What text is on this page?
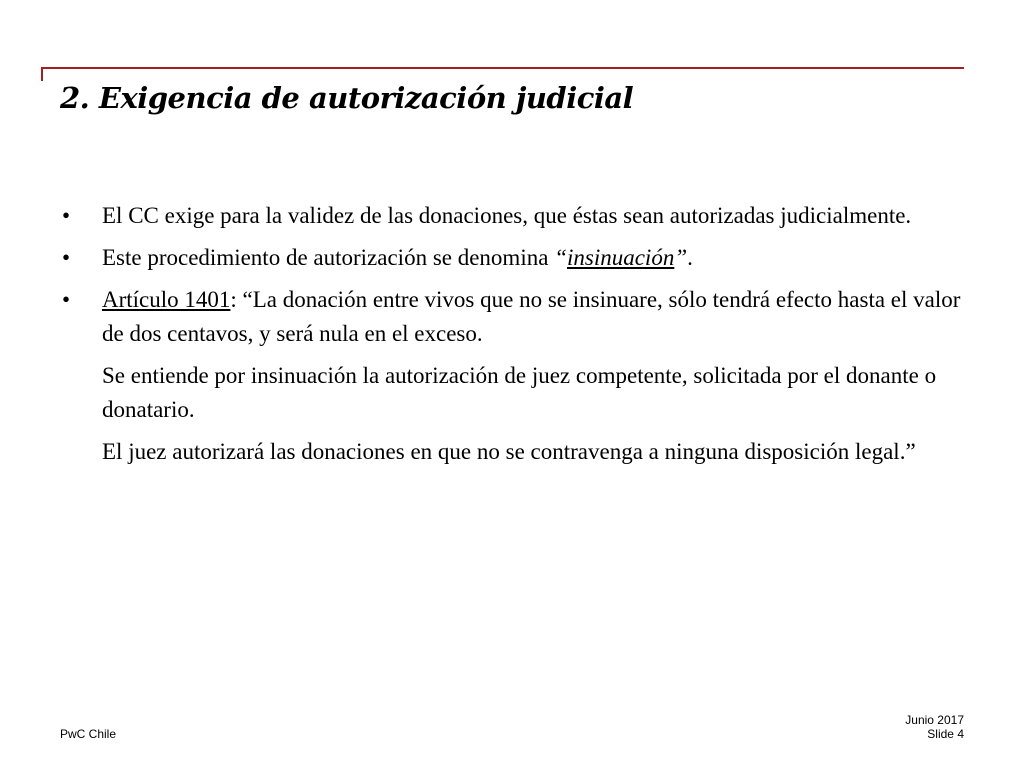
2. Exigencia de autorización judicial
• El CC exige para la validez de las donaciones, que éstas sean autorizadas judicialmente.
• Este procedimiento de autorización se denomina “insinuación”.
• Artículo 1401: “La donación entre vivos que no se insinuare, sólo tendrá efecto hasta el valor de dos centavos, y será nula en el exceso.
Se entiende por insinuación la autorización de juez competente, solicitada por el donante o donatario.
El juez autorizará las donaciones en que no se contravenga a ninguna disposición legal.”
PwC Chile
Junio 2017
Slide 4
